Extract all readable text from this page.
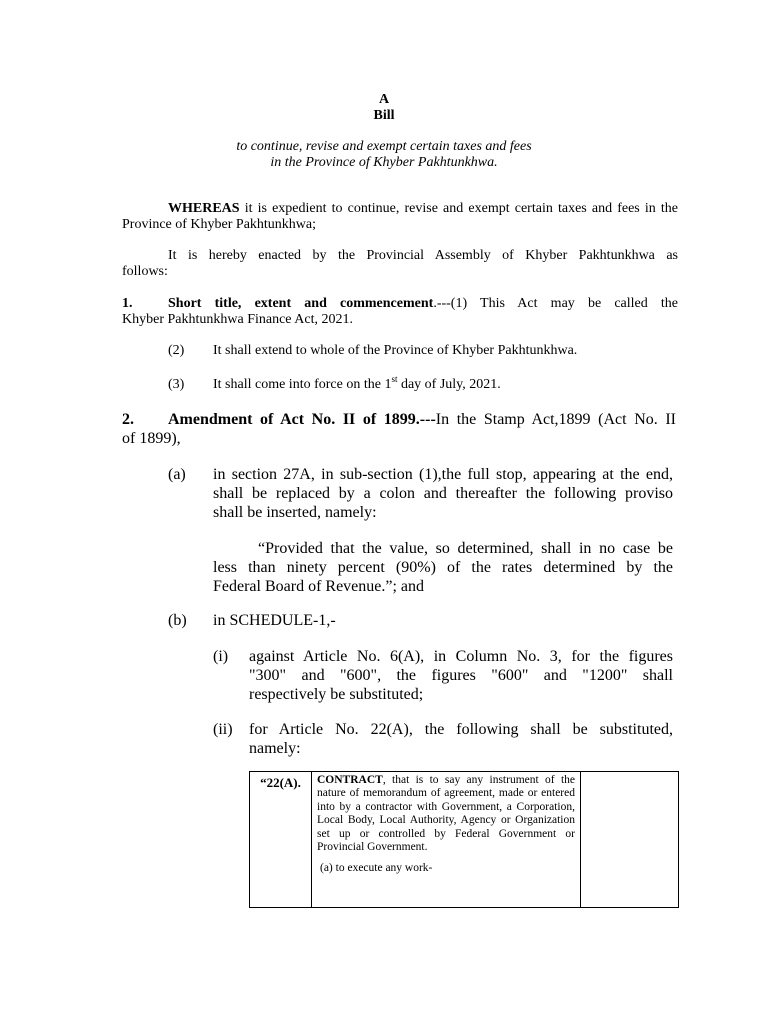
A
Bill
to continue, revise and exempt certain taxes and fees
in the Province of Khyber Pakhtunkhwa.
WHEREAS it is expedient to continue, revise and exempt certain taxes and fees in the Province of Khyber Pakhtunkhwa;
It is hereby enacted by the Provincial Assembly of Khyber Pakhtunkhwa as
follows:
1.	Short title, extent and commencement.---(1) This Act may be called the
Khyber Pakhtunkhwa Finance Act, 2021.
(2) It shall extend to whole of the Province of Khyber Pakhtunkhwa.
(3) It shall come into force on the 1st day of July, 2021.
2. Amendment of Act No. II of 1899.---In the Stamp Act,1899 (Act No. II
of 1899),
(a) in section 27A, in sub-section (1),the full stop, appearing at the end,
shall be replaced by a colon and thereafter the following proviso
shall be inserted, namely:
“Provided that the value, so determined, shall in no case be
less than ninety percent (90%) of the rates determined by the
Federal Board of Revenue.”; and
(b) in SCHEDULE-1,-
(i) against Article No. 6(A), in Column No. 3, for the figures
"300" and "600", the figures "600" and "1200" shall
respectively be substituted;
(ii) for Article No. 22(A), the following shall be substituted,
namely:
“22(A).	CONTRACT, that is to say any instrument of the nature of memorandum of agreement, made or entered into by a contractor with Government, a Corporation, Local Body, Local Authority, Agency or Organization set up or controlled by Federal Government or Provincial Government.
(a) to execute any work-
